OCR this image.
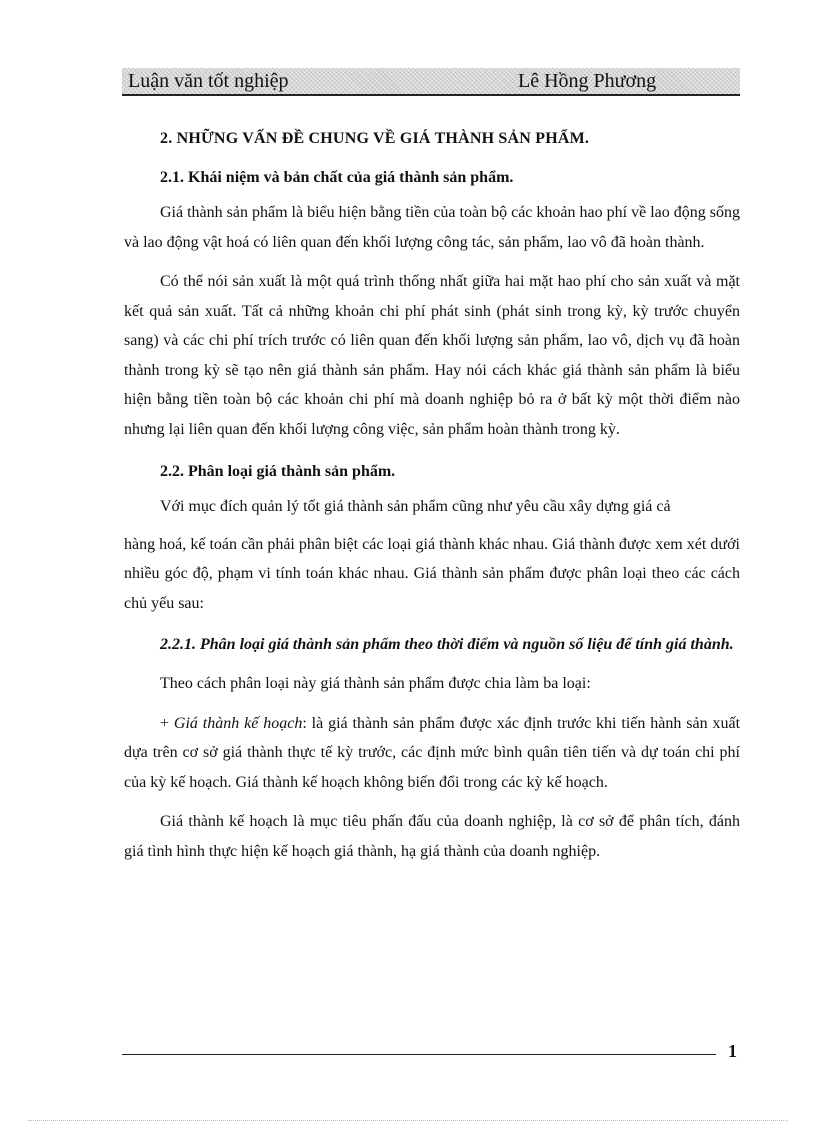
Luận văn tốt nghiệp	Lê Hồng Phương
2. NHỮNG VẤN ĐỀ CHUNG VỀ GIÁ THÀNH SẢN PHẨM.
2.1. Khái niệm và bản chất của giá thành sản phẩm.

Giá thành sản phẩm là biểu hiện bằng tiền của toàn bộ các khoản hao phí về lao động sống và lao động vật hoá có liên quan đến khối lượng công tác, sản phẩm, lao vô đã hoàn thành.

Có thể nói sản xuất là một quá trình thống nhất giữa hai mặt hao phí cho sản xuất và mặt kết quả sản xuất. Tất cả những khoản chi phí phát sinh (phát sinh trong kỳ, kỳ trước chuyển sang) và các chi phí trích trước có liên quan đến khối lượng sản phẩm, lao vô, dịch vụ đã hoàn thành trong kỳ sẽ tạo nên giá thành sản phẩm. Hay nói cách khác giá thành sản phẩm là biểu hiện bằng tiền toàn bộ các khoản chi phí mà doanh nghiệp bỏ ra ở bất kỳ một thời điểm nào nhưng lại liên quan đến khối lượng công việc, sản phẩm hoàn thành trong kỳ.

2.2. Phân loại giá thành sản phẩm.

Với mục đích quản lý tốt giá thành sản phẩm cũng như yêu cầu xây dựng giá cả

hàng hoá, kế toán cần phải phân biệt các loại giá thành khác nhau. Giá thành được xem xét dưới nhiều góc độ, phạm vi tính toán khác nhau. Giá thành sản phẩm được phân loại theo các cách chủ yếu sau:

2.2.1. Phân loại giá thành sản phẩm theo thời điểm và nguồn số liệu để tính giá thành.

Theo cách phân loại này giá thành sản phẩm được chia làm ba loại:

+ Giá thành kế hoạch: là giá thành sản phẩm được xác định trước khi tiến hành sản xuất dựa trên cơ sở giá thành thực tế kỳ trước, các định mức bình quân tiên tiến và dự toán chi phí của kỳ kế hoạch. Giá thành kế hoạch không biến đổi trong các kỳ kế hoạch.

Giá thành kế hoạch là mục tiêu phấn đấu của doanh nghiệp, là cơ sở để phân tích, đánh giá tình hình thực hiện kế hoạch giá thành, hạ giá thành của doanh nghiệp.

1
